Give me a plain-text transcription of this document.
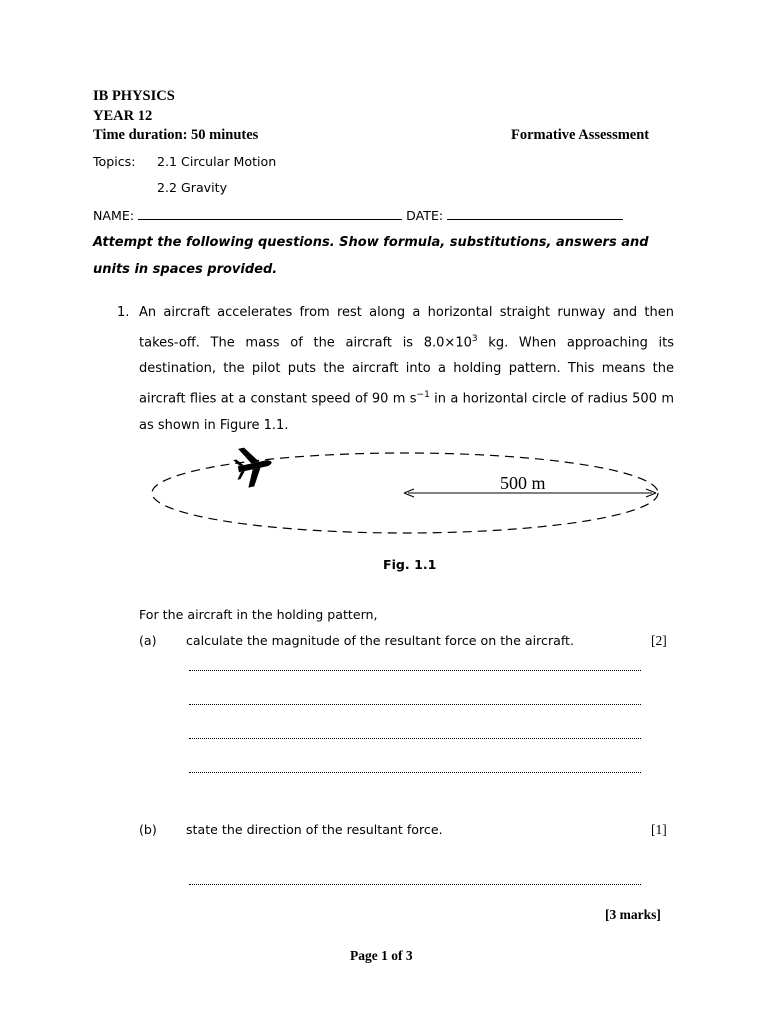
IB PHYSICS
YEAR 12
Time duration: 50 minutes	Formative Assessment
Topics: 2.1 Circular Motion
2.2 Gravity
NAME:	DATE:
Attempt the following questions. Show formula, substitutions, answers and units in spaces provided.
1. An aircraft accelerates from rest along a horizontal straight runway and then takes-off. The mass of the aircraft is $8.0\times 10^3$ kg. When approaching its destination, the pilot puts the aircraft into a holding pattern. This means the aircraft flies at a constant speed of 90 m $s^{-1}$ in a horizontal circle of radius 500 m as shown in Figure 1.1.
500 m
Fig. 1.1
For the aircraft in the holding pattern,
(a) calculate the magnitude of the resultant force on the aircraft.	[2]
(b) state the direction of the resultant force.	[1]
[3 marks]
Page 1 of 3
